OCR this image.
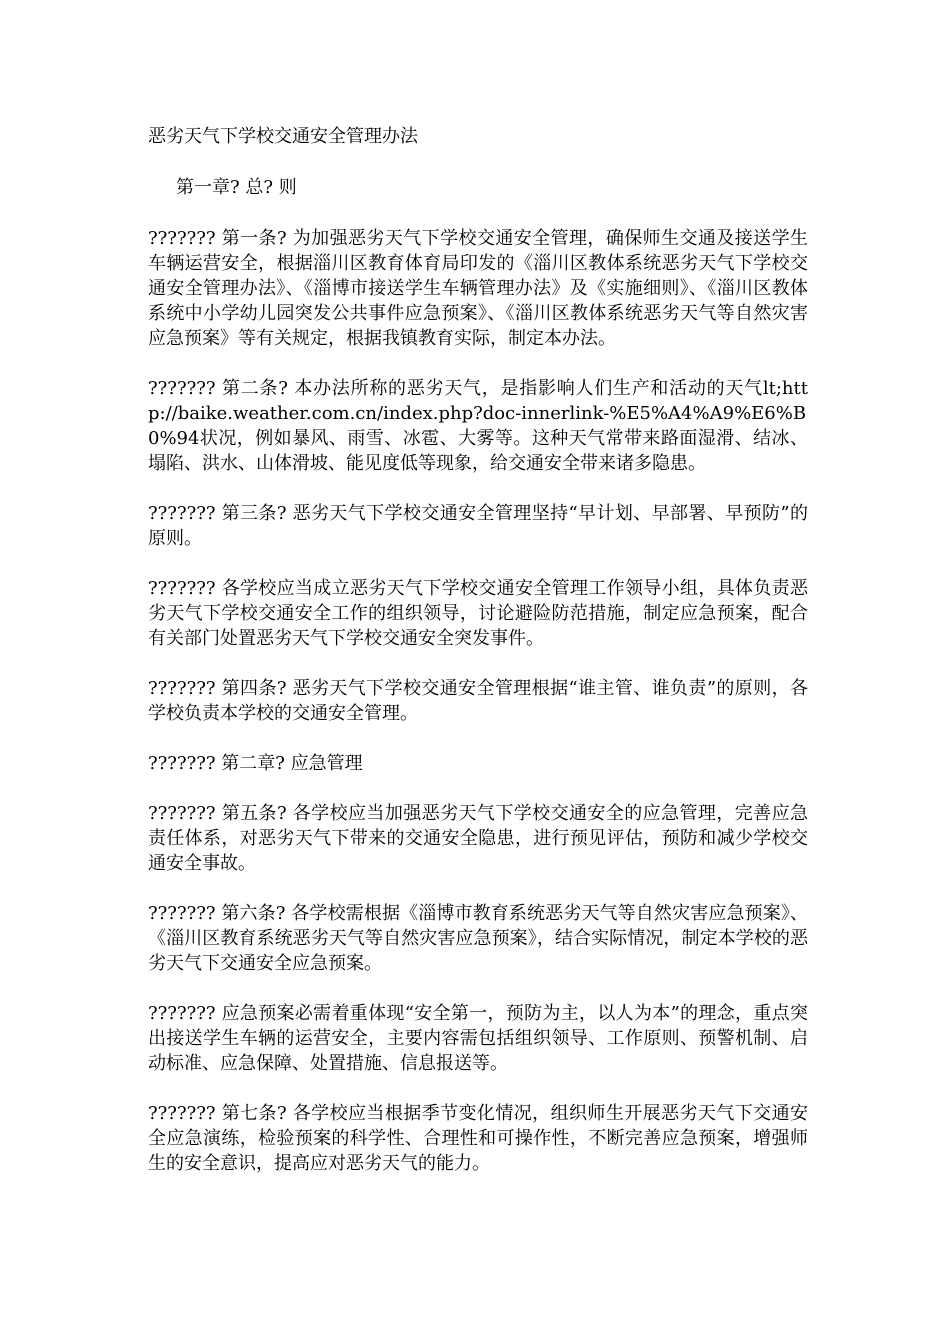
恶劣天气下学校交通安全管理办法
第一章? 总? 则
??????? 第一条? 为加强恶劣天气下学校交通安全管理，确保师生交通及接送学生车辆运营安全，根据淄川区教育体育局印发的《淄川区教体系统恶劣天气下学校交通安全管理办法》、《淄博市接送学生车辆管理办法》及《实施细则》、《淄川区教体系统中小学幼儿园突发公共事件应急预案》、《淄川区教体系统恶劣天气等自然灾害应急预案》等有关规定，根据我镇教育实际，制定本办法。
??????? 第二条? 本办法所称的恶劣天气，是指影响人们生产和活动的天气lt;http://baike.weather.com.cn/index.php?doc-innerlink-%E5%A4%A9%E6%B0%94状况，例如暴风、雨雪、冰雹、大雾等。这种天气常带来路面湿滑、结冰、塌陷、洪水、山体滑坡、能见度低等现象，给交通安全带来诸多隐患。
??????? 第三条? 恶劣天气下学校交通安全管理坚持“早计划、早部署、早预防”的原则。
??????? 各学校应当成立恶劣天气下学校交通安全管理工作领导小组，具体负责恶劣天气下学校交通安全工作的组织领导，讨论避险防范措施，制定应急预案，配合有关部门处置恶劣天气下学校交通安全突发事件。
??????? 第四条? 恶劣天气下学校交通安全管理根据“谁主管、谁负责”的原则，各学校负责本学校的交通安全管理。
??????? 第二章? 应急管理
??????? 第五条? 各学校应当加强恶劣天气下学校交通安全的应急管理，完善应急责任体系，对恶劣天气下带来的交通安全隐患，进行预见评估，预防和减少学校交通安全事故。
??????? 第六条? 各学校需根据《淄博市教育系统恶劣天气等自然灾害应急预案》、《淄川区教育系统恶劣天气等自然灾害应急预案》，结合实际情况，制定本学校的恶劣天气下交通安全应急预案。
??????? 应急预案必需着重体现“安全第一，预防为主，以人为本”的理念，重点突出接送学生车辆的运营安全，主要内容需包括组织领导、工作原则、预警机制、启动标准、应急保障、处置措施、信息报送等。
??????? 第七条? 各学校应当根据季节变化情况，组织师生开展恶劣天气下交通安全应急演练，检验预案的科学性、合理性和可操作性，不断完善应急预案，增强师生的安全意识，提高应对恶劣天气的能力。
